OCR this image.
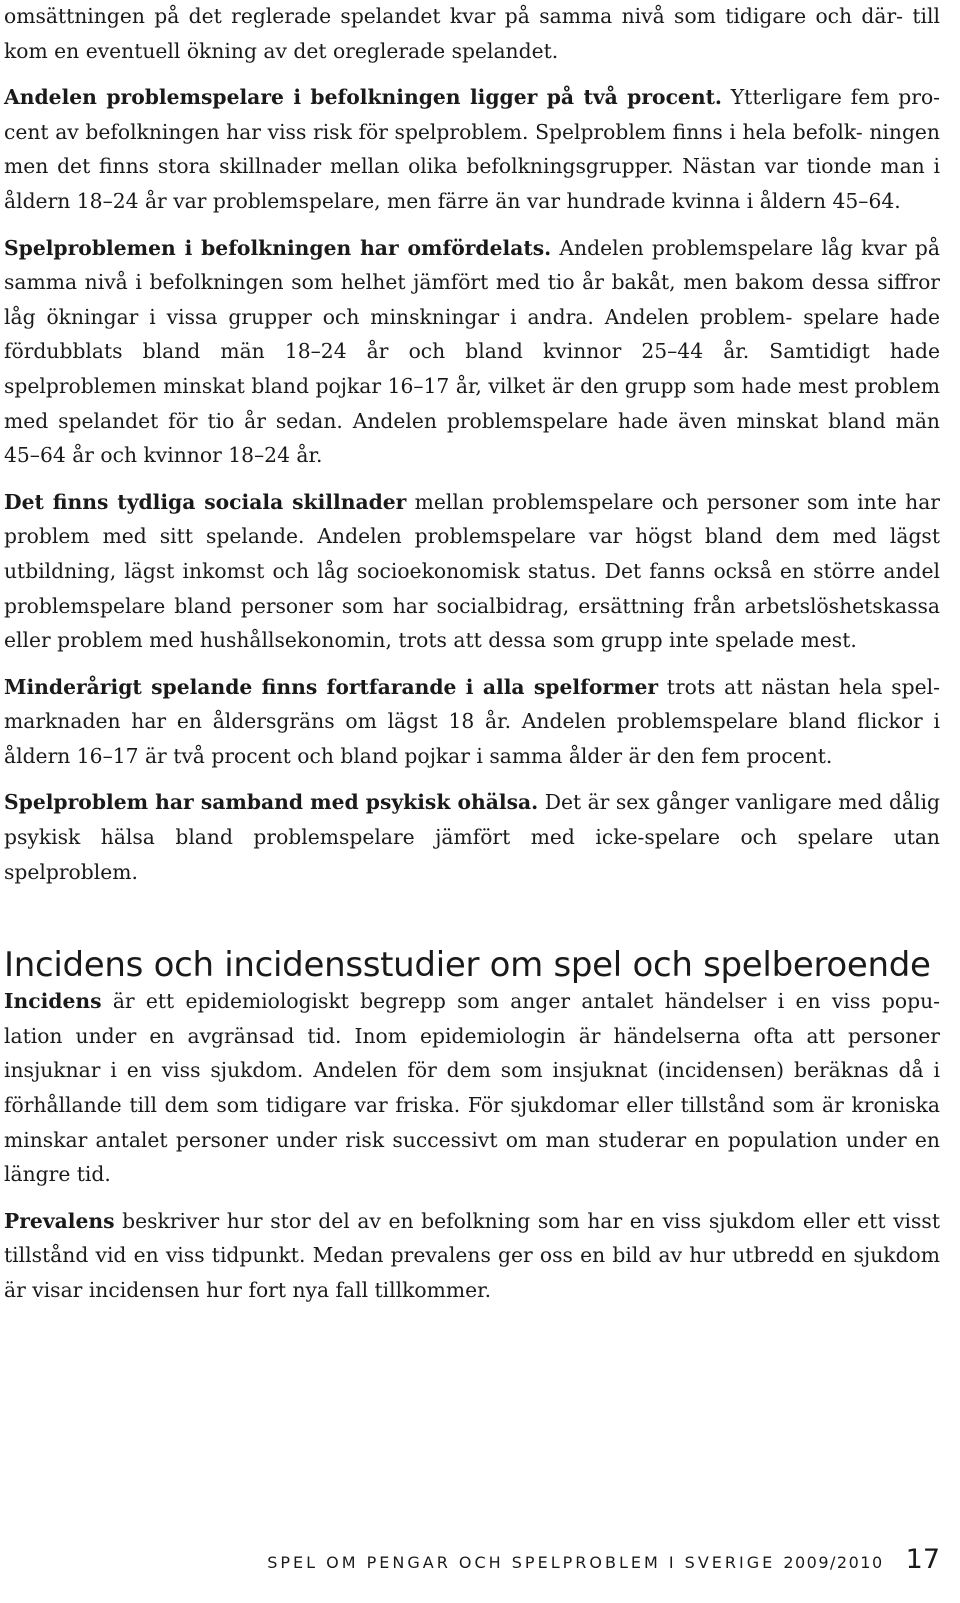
omsättningen på det reglerade spelandet kvar på samma nivå som tidigare och där- till kom en eventuell ökning av det oreglerade spelandet.

Andelen problemspelare i befolkningen ligger på två procent. Ytterligare fem pro- cent av befolkningen har viss risk för spelproblem. Spelproblem finns i hela befolk- ningen men det finns stora skillnader mellan olika befolkningsgrupper. Nästan var tionde man i åldern 18–24 år var problemspelare, men färre än var hundrade kvinna i åldern 45–64.

Spelproblemen i befolkningen har omfördelats. Andelen problemspelare låg kvar på samma nivå i befolkningen som helhet jämfört med tio år bakåt, men bakom dessa siffror låg ökningar i vissa grupper och minskningar i andra. Andelen problem- spelare hade fördubblats bland män 18–24 år och bland kvinnor 25–44 år. Samtidigt hade spelproblemen minskat bland pojkar 16–17 år, vilket är den grupp som hade mest problem med spelandet för tio år sedan. Andelen problemspelare hade även minskat bland män 45–64 år och kvinnor 18–24 år.

Det finns tydliga sociala skillnader mellan problemspelare och personer som inte har problem med sitt spelande. Andelen problemspelare var högst bland dem med lägst utbildning, lägst inkomst och låg socioekonomisk status. Det fanns också en större andel problemspelare bland personer som har socialbidrag, ersättning från arbetslöshetskassa eller problem med hushållsekonomin, trots att dessa som grupp inte spelade mest.

Minderårigt spelande finns fortfarande i alla spelformer trots att nästan hela spel- marknaden har en åldersgräns om lägst 18 år. Andelen problemspelare bland flickor i åldern 16–17 är två procent och bland pojkar i samma ålder är den fem procent.

Spelproblem har samband med psykisk ohälsa. Det är sex gånger vanligare med dålig psykisk hälsa bland problemspelare jämfört med icke-spelare och spelare utan spelproblem.

Incidens och incidensstudier om spel och spelberoende

Incidens är ett epidemiologiskt begrepp som anger antalet händelser i en viss popu- lation under en avgränsad tid. Inom epidemiologin är händelserna ofta att personer insjuknar i en viss sjukdom. Andelen för dem som insjuknat (incidensen) beräknas då i förhållande till dem som tidigare var friska. För sjukdomar eller tillstånd som är kroniska minskar antalet personer under risk successivt om man studerar en population under en längre tid.

Prevalens beskriver hur stor del av en befolkning som har en viss sjukdom eller ett visst tillstånd vid en viss tidpunkt. Medan prevalens ger oss en bild av hur utbredd en sjukdom är visar incidensen hur fort nya fall tillkommer.

SPEL OM PENGAR OCH SPELPROBLEM I SVERIGE 2009/2010 17
